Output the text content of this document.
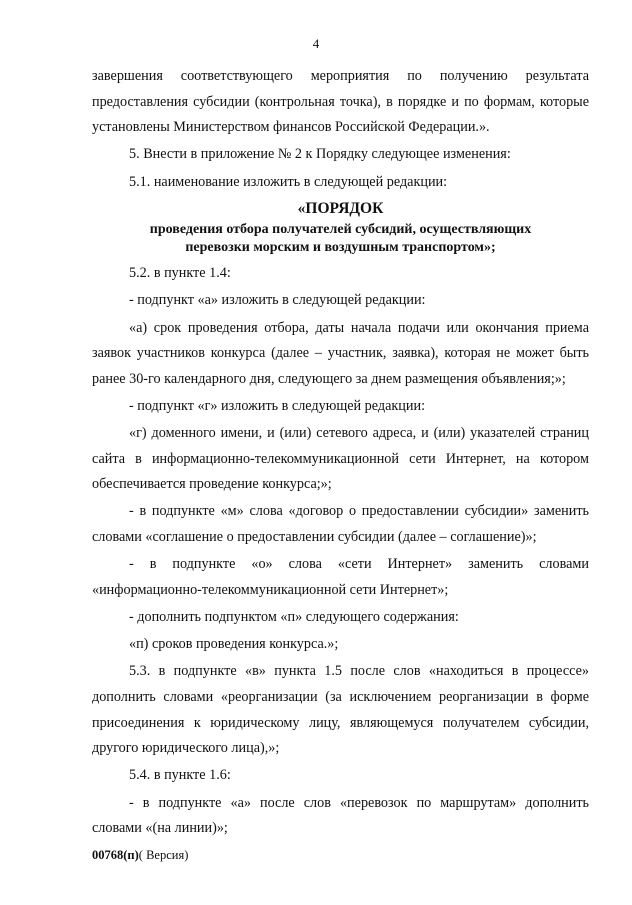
4

завершения соответствующего мероприятия по получению результата предоставления субсидии (контрольная точка), в порядке и по формам, которые установлены Министерством финансов Российской Федерации.».

5. Внести в приложение № 2 к Порядку следующее изменения:

5.1. наименование изложить в следующей редакции:

«ПОРЯДОК
проведения отбора получателей субсидий, осуществляющих перевозки морским и воздушным транспортом»;

5.2. в пункте 1.4:

- подпункт «а» изложить в следующей редакции:

«а) срок проведения отбора, даты начала подачи или окончания приема заявок участников конкурса (далее – участник, заявка), которая не может быть ранее 30-го календарного дня, следующего за днем размещения объявления;»;

- подпункт «г» изложить в следующей редакции:

«г) доменного имени, и (или) сетевого адреса, и (или) указателей страниц сайта в информационно-телекоммуникационной сети Интернет, на котором обеспечивается проведение конкурса;»;

- в подпункте «м» слова «договор о предоставлении субсидии» заменить словами «соглашение о предоставлении субсидии (далее – соглашение)»;

- в подпункте «о» слова «сети Интернет» заменить словами «информационно-телекоммуникационной сети Интернет»;

- дополнить подпунктом «п» следующего содержания:

«п) сроков проведения конкурса.»;

5.3. в подпункте «в» пункта 1.5 после слов «находиться в процессе» дополнить словами «реорганизации (за исключением реорганизации в форме присоединения к юридическому лицу, являющемуся получателем субсидии, другого юридического лица),»;

5.4. в пункте 1.6:

- в подпункте «а» после слов «перевозок по маршрутам» дополнить словами «(на линии)»;

00768(п)( Версия)
